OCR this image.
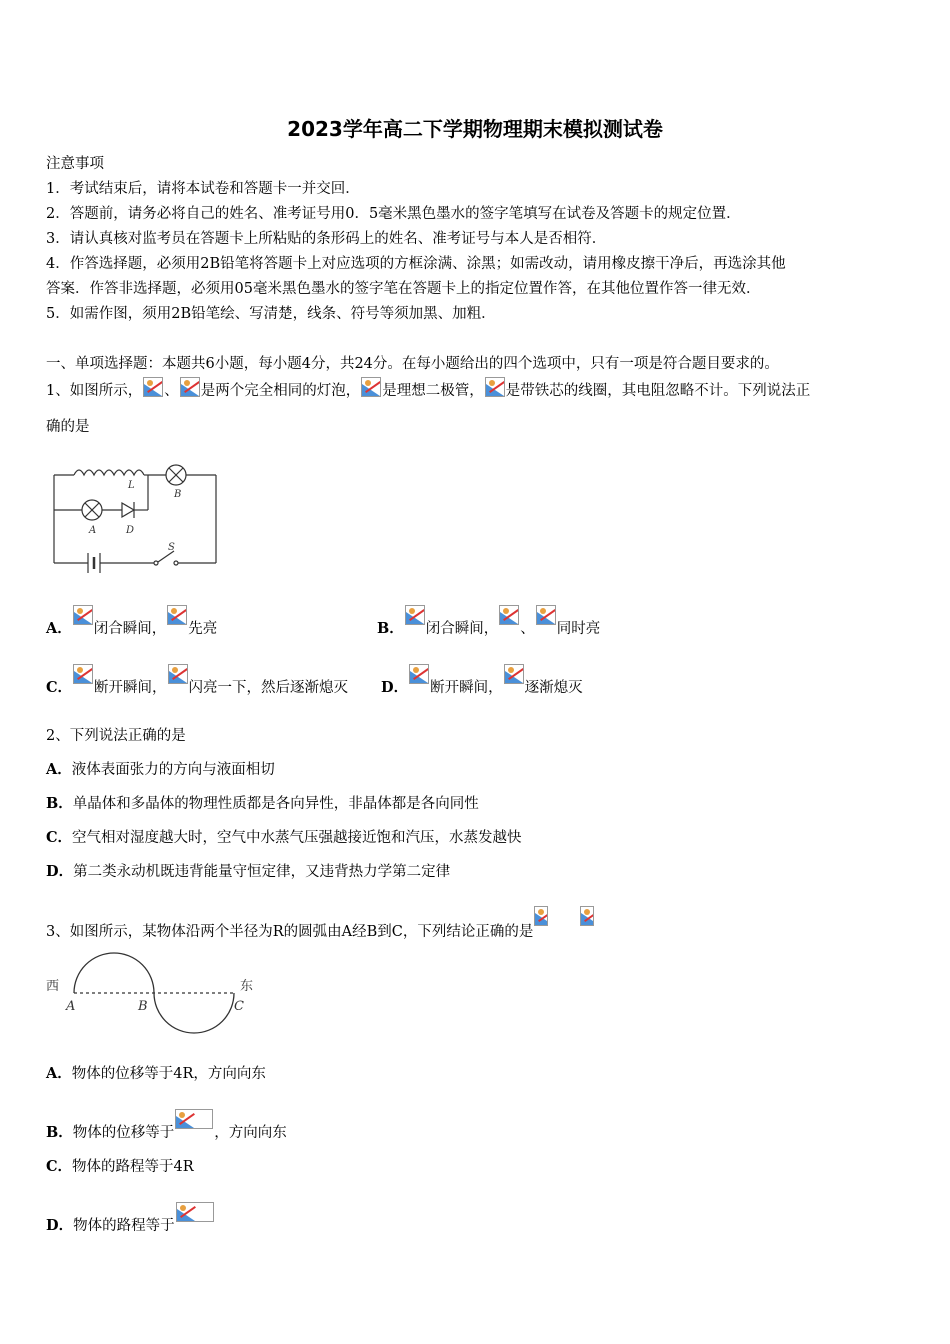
2023学年高二下学期物理期末模拟测试卷
注意事项
1．考试结束后，请将本试卷和答题卡一并交回．
2．答题前，请务必将自己的姓名、准考证号用0．5毫米黑色墨水的签字笔填写在试卷及答题卡的规定位置．
3．请认真核对监考员在答题卡上所粘贴的条形码上的姓名、准考证号与本人是否相符．
4．作答选择题，必须用2B铅笔将答题卡上对应选项的方框涂满、涂黑；如需改动，请用橡皮擦干净后，再选涂其他
答案．作答非选择题，必须用05毫米黑色墨水的签字笔在答题卡上的指定位置作答，在其他位置作答一律无效．
5．如需作图，须用2B铅笔绘、写清楚，线条、符号等须加黑、加粗．
一、单项选择题：本题共6小题，每小题4分，共24分。在每小题给出的四个选项中，只有一项是符合题目要求的。
1、如图所示， 、 是两个完全相同的灯泡， 是理想二极管， 是带铁芯的线圈，其电阻忽略不计。下列说法正
确的是
L
B
A	D
S
A． 闭合瞬间， 先亮	B． 闭合瞬间， 、 同时亮
C． 断开瞬间， 闪亮一下，然后逐渐熄灭 D． 断开瞬间， 逐渐熄灭
2、下列说法正确的是
A．液体表面张力的方向与液面相切
B．单晶体和多晶体的物理性质都是各向异性，非晶体都是各向同性
C．空气相对湿度越大时，空气中水蒸气压强越接近饱和汽压，水蒸发越快
D．第二类永动机既违背能量守恒定律，又违背热力学第二定律
3、如图所示，某物体沿两个半径为R的圆弧由A经B到C，下列结论正确的是
西	东
A	B	C
A．物体的位移等于4R，方向向东
B．物体的位移等于	，方向向东
C．物体的路程等于4R
D．物体的路程等于
